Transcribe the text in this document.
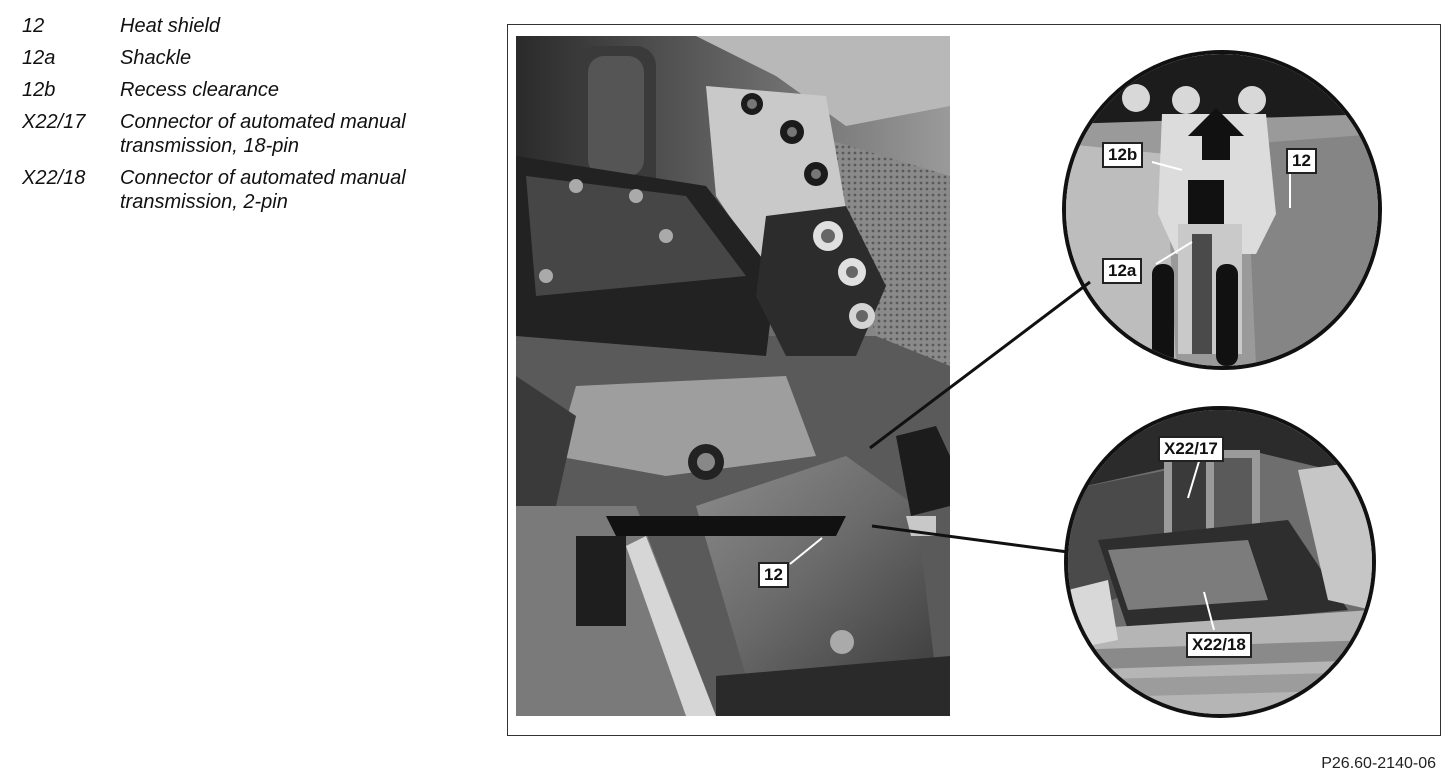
12	Heat shield
12a	Shackle
12b	Recess clearance
X22/17	Connector of automated manual transmission, 18-pin
X22/18	Connector of automated manual transmission, 2-pin
12
12b	12
12a
X22/17
X22/18
P26.60-2140-06
